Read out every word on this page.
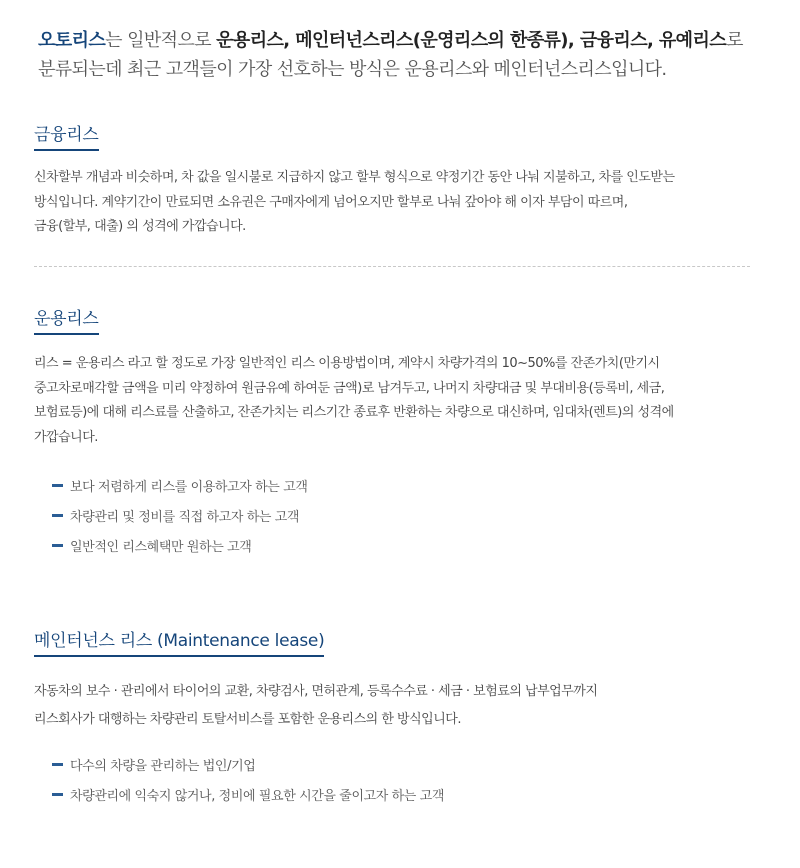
오토리스는 일반적으로 운용리스, 메인터넌스리스(운영리스의 한종류), 금융리스, 유예리스로
분류되는데 최근 고객들이 가장 선호하는 방식은 운용리스와 메인터넌스리스입니다.
금융리스
신차할부 개념과 비슷하며, 차 값을 일시불로 지급하지 않고 할부 형식으로 약정기간 동안 나눠 지불하고, 차를 인도받는
방식입니다. 계약기간이 만료되면 소유권은 구매자에게 넘어오지만 할부로 나눠 갚아야 해 이자 부담이 따르며,
금융(할부, 대출) 의 성격에 가깝습니다.
운용리스
리스 = 운용리스 라고 할 정도로 가장 일반적인 리스 이용방법이며, 계약시 차량가격의 10~50%를 잔존가치(만기시
중고차로매각할 금액을 미리 약정하여 원금유예 하여둔 금액)로 남겨두고, 나머지 차량대금 및 부대비용(등록비, 세금,
보험료등)에 대해 리스료를 산출하고, 잔존가치는 리스기간 종료후 반환하는 차량으로 대신하며, 임대차(렌트)의 성격에
가깝습니다.
보다 저렴하게 리스를 이용하고자 하는 고객
차량관리 및 정비를 직접 하고자 하는 고객
일반적인 리스혜택만 원하는 고객
메인터넌스 리스 (Maintenance lease)
자동차의 보수 · 관리에서 타이어의 교환, 차량검사, 면허관계, 등록수수료 · 세금 · 보험료의 납부업무까지
리스회사가 대행하는 차량관리 토탈서비스를 포함한 운용리스의 한 방식입니다.
다수의 차량을 관리하는 법인/기업
차량관리에 익숙지 않거나, 정비에 필요한 시간을 줄이고자 하는 고객
